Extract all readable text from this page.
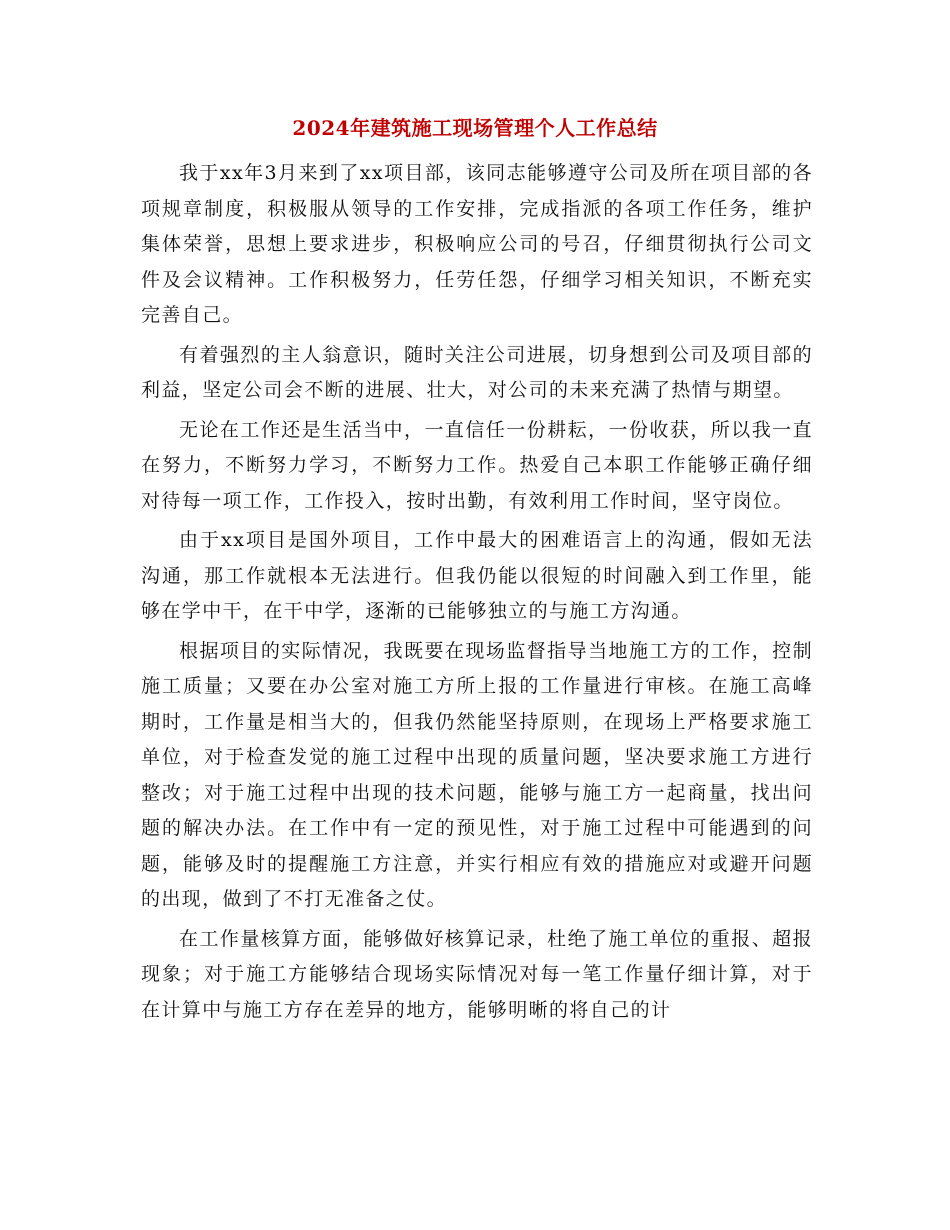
2024年建筑施工现场管理个人工作总结

我于xx年3月来到了xx项目部，该同志能够遵守公司及所在项目部的各项规章制度，积极服从领导的工作安排，完成指派的各项工作任务，维护集体荣誉，思想上要求进步，积极响应公司的号召，仔细贯彻执行公司文件及会议精神。工作积极努力，任劳任怨，仔细学习相关知识，不断充实完善自己。

有着强烈的主人翁意识，随时关注公司进展，切身想到公司及项目部的利益，坚定公司会不断的进展、壮大，对公司的未来充满了热情与期望。

无论在工作还是生活当中，一直信任一份耕耘，一份收获，所以我一直在努力，不断努力学习，不断努力工作。热爱自己本职工作能够正确仔细对待每一项工作，工作投入，按时出勤，有效利用工作时间，坚守岗位。

由于xx项目是国外项目，工作中最大的困难语言上的沟通，假如无法沟通，那工作就根本无法进行。但我仍能以很短的时间融入到工作里，能够在学中干，在干中学，逐渐的已能够独立的与施工方沟通。

根据项目的实际情况，我既要在现场监督指导当地施工方的工作，控制施工质量；又要在办公室对施工方所上报的工作量进行审核。在施工高峰期时，工作量是相当大的，但我仍然能坚持原则，在现场上严格要求施工单位，对于检查发觉的施工过程中出现的质量问题，坚决要求施工方进行整改；对于施工过程中出现的技术问题，能够与施工方一起商量，找出问题的解决办法。在工作中有一定的预见性，对于施工过程中可能遇到的问题，能够及时的提醒施工方注意，并实行相应有效的措施应对或避开问题的出现，做到了不打无准备之仗。

在工作量核算方面，能够做好核算记录，杜绝了施工单位的重报、超报现象；对于施工方能够结合现场实际情况对每一笔工作量仔细计算，对于在计算中与施工方存在差异的地方，能够明晰的将自己的计
